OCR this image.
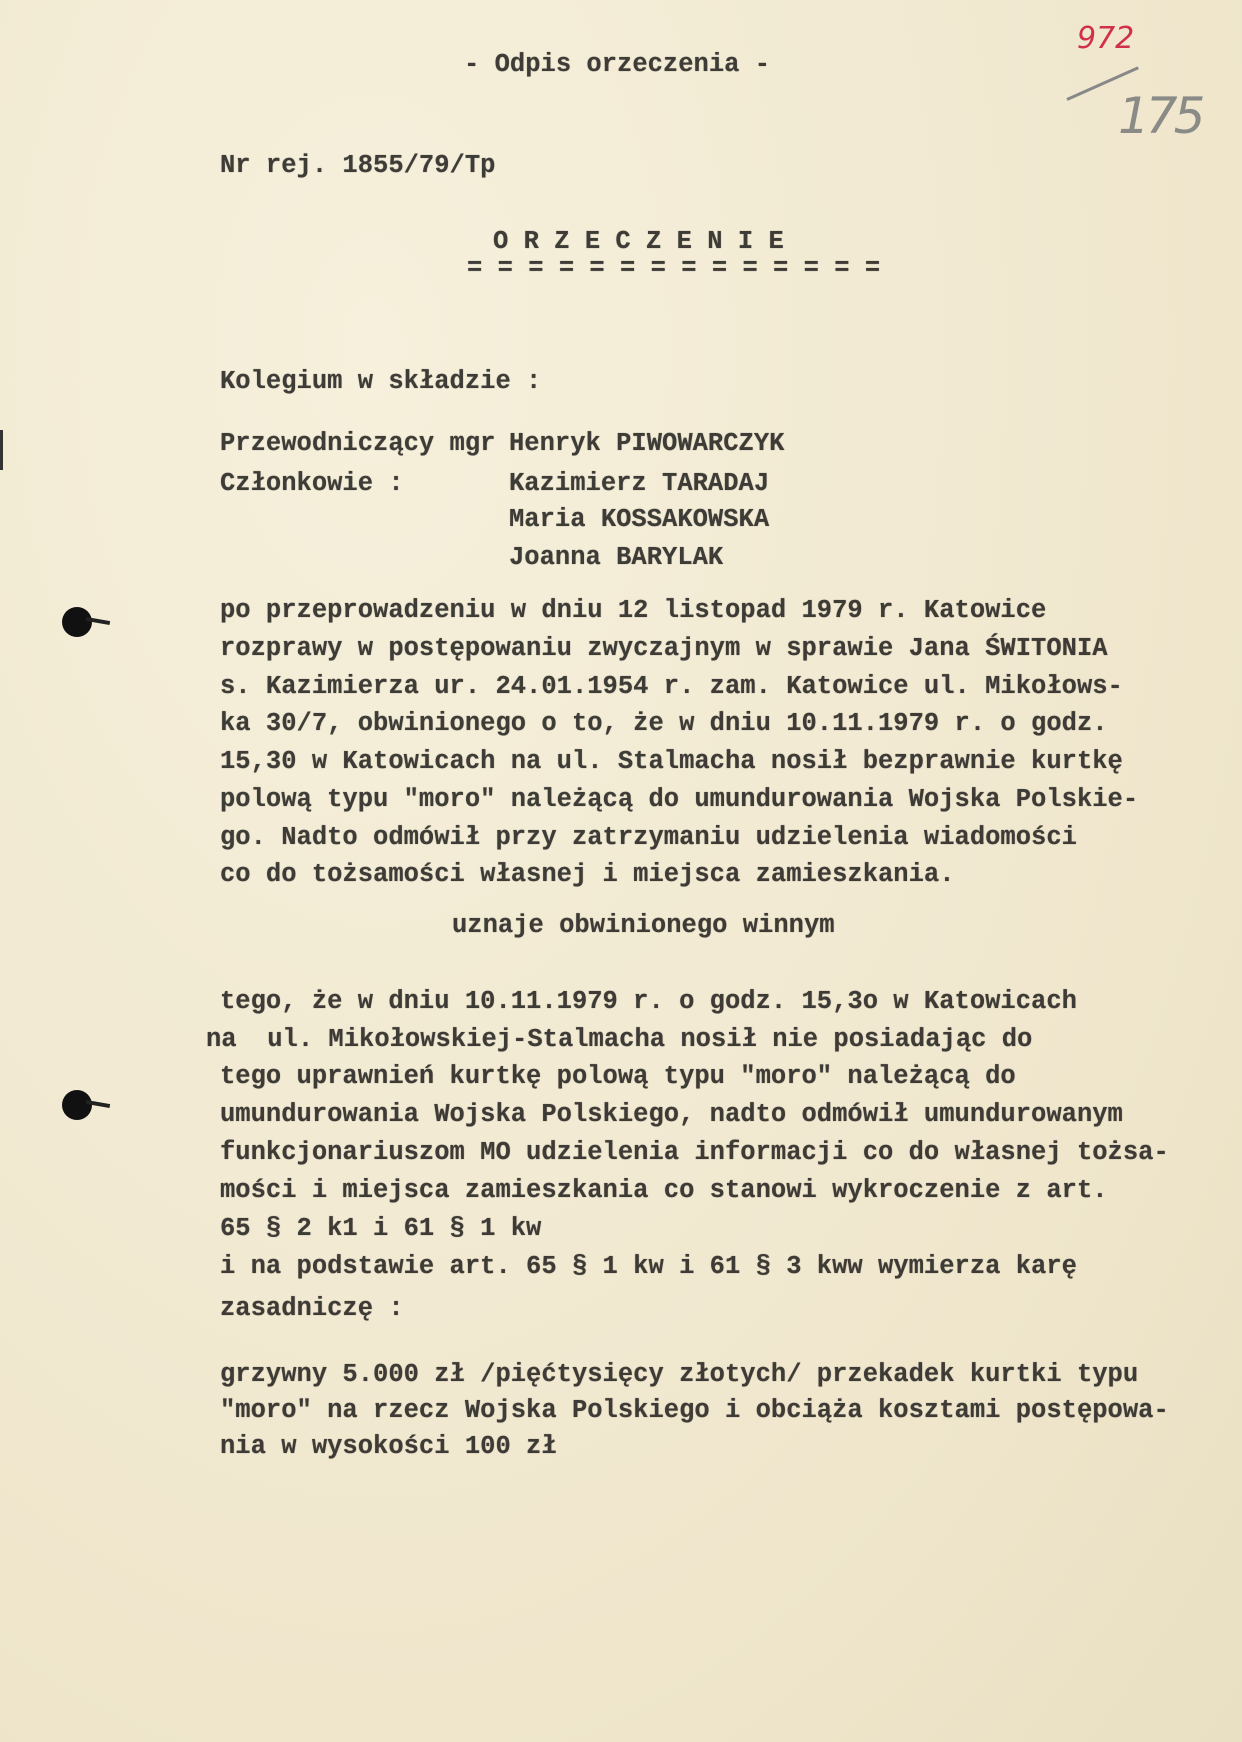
972
175
- Odpis orzeczenia -
Nr rej. 1855/79/Tp
O R Z E C Z E N I E
= = = = = = = = = = = = = =
Kolegium w składzie :
Przewodniczący mgr Henryk PIWOWARCZYK
Członkowie :	Kazimierz TARADAJ
Maria KOSSAKOWSKA
Joanna BARYLAK
po przeprowadzeniu w dniu 12 listopad 1979 r. Katowice
rozprawy w postępowaniu zwyczajnym w sprawie Jana ŚWITONIA
s. Kazimierza ur. 24.01.1954 r. zam. Katowice ul. Mikołows-
ka 30/7, obwinionego o to, że w dniu 10.11.1979 r. o godz.
15,30 w Katowicach na ul. Stalmacha nosił bezprawnie kurtkę
polową typu "moro" należącą do umundurowania Wojska Polskie-
go. Nadto odmówił przy zatrzymaniu udzielenia wiadomości
co do tożsamości własnej i miejsca zamieszkania.
uznaje obwinionego winnym
tego, że w dniu 10.11.1979 r. o godz. 15,3o w Katowicach
na  ul. Mikołowskiej-Stalmacha nosił nie posiadając do
tego uprawnień kurtkę polową typu "moro" należącą do
umundurowania Wojska Polskiego, nadto odmówił umundurowanym
funkcjonariuszom MO udzielenia informacji co do własnej tożsa-
mości i miejsca zamieszkania co stanowi wykroczenie z art.
65 § 2 k1 i 61 § 1 kw
i na podstawie art. 65 § 1 kw i 61 § 3 kww wymierza karę
zasadniczę :
grzywny 5.000 zł /pięćtysięcy złotych/ przekadek kurtki typu
"moro" na rzecz Wojska Polskiego i obciąża kosztami postępowa-
nia w wysokości 100 zł
